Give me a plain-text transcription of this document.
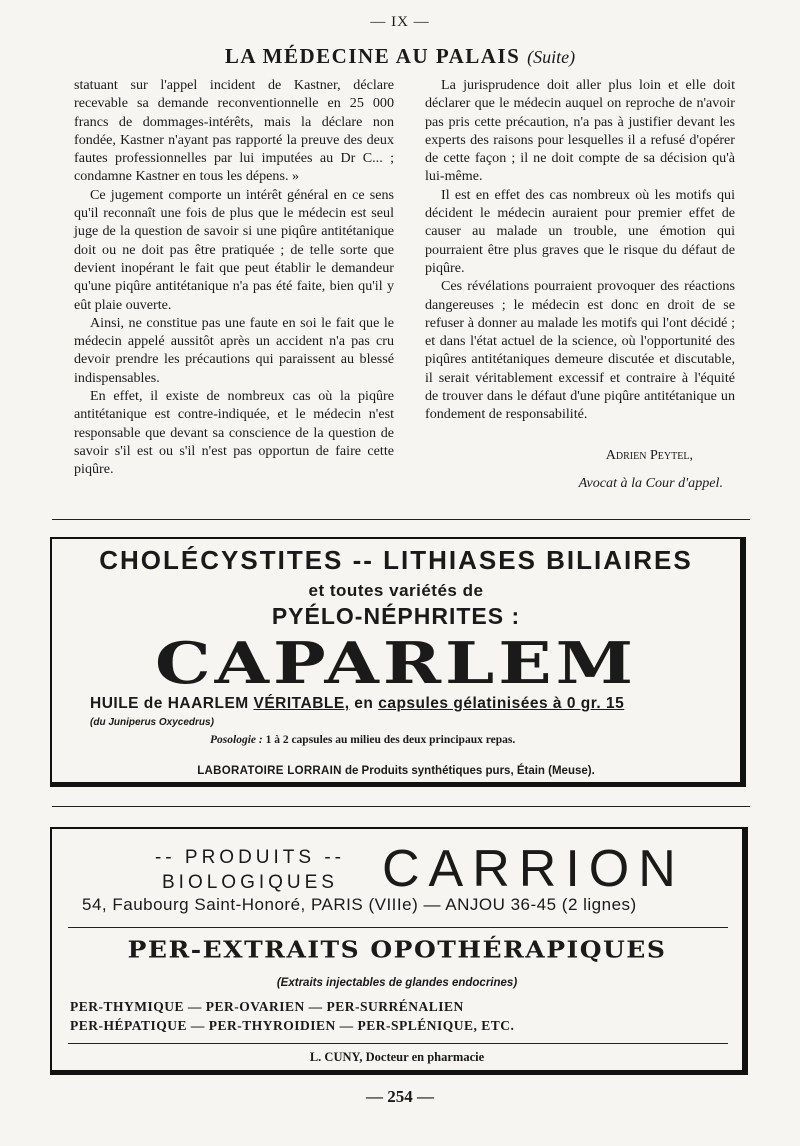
— IX —
LA MÉDECINE AU PALAIS (Suite)

statuant sur l'appel incident de Kastner, déclare recevable sa demande reconventionnelle en 25 000 francs de dommages-intérêts, mais la déclare non fondée, Kastner n'ayant pas rapporté la preuve des deux fautes professionnelles par lui imputées au Dr C... ; condamne Kastner en tous les dépens. »

Ce jugement comporte un intérêt général en ce sens qu'il reconnaît une fois de plus que le médecin est seul juge de la question de savoir si une piqûre antitétanique doit ou ne doit pas être pratiquée ; de telle sorte que devient inopérant le fait que peut établir le demandeur qu'une piqûre antitétanique n'a pas été faite, bien qu'il y eût plaie ouverte.

Ainsi, ne constitue pas une faute en soi le fait que le médecin appelé aussitôt après un accident n'a pas cru devoir prendre les précautions qui paraissent au blessé indispensables.

En effet, il existe de nombreux cas où la piqûre antitétanique est contre-indiquée, et le médecin n'est responsable que devant sa conscience de la question de savoir s'il est ou s'il n'est pas opportun de faire cette piqûre.

La jurisprudence doit aller plus loin et elle doit déclarer que le médecin auquel on reproche de n'avoir pas pris cette précaution, n'a pas à justifier devant les experts des raisons pour lesquelles il a refusé d'opérer de cette façon ; il ne doit compte de sa décision qu'à lui-même.

Il est en effet des cas nombreux où les motifs qui décident le médecin auraient pour premier effet de causer au malade un trouble, une émotion qui pourraient être plus graves que le risque du défaut de piqûre.

Ces révélations pourraient provoquer des réactions dangereuses ; le médecin est donc en droit de se refuser à donner au malade les motifs qui l'ont décidé ; et dans l'état actuel de la science, où l'opportunité des piqûres antitétaniques demeure discutée et discutable, il serait véritablement excessif et contraire à l'équité de trouver dans le défaut d'une piqûre antitétanique un fondement de responsabilité.

Adrien Peytel,

Avocat à la Cour d'appel.

CHOLÉCYSTITES -- LITHIASES BILIAIRES
et toutes variétés de
PYÉLO-NÉPHRITES :
CAPARLEM
HUILE de HAARLEM VÉRITABLE, en capsules gélatinisées à 0 gr. 15
(du Juniperus Oxycedrus)
Posologie : 1 à 2 capsules au milieu des deux principaux repas.
LABORATOIRE LORRAIN de Produits synthétiques purs, Étain (Meuse).
-- PRODUITS --
BIOLOGIQUES CARRION
54, Faubourg Saint-Honoré, PARIS (VIIIe) — ANJOU 36-45 (2 lignes)
PER-EXTRAITS OPOTHÉRAPIQUES
(Extraits injectables de glandes endocrines)
PER-THYMIQUE — PER-OVARIEN — PER-SURRÉNALIEN
PER-HÉPATIQUE — PER-THYROIDIEN — PER-SPLÉNIQUE, ETC.
L. CUNY, Docteur en pharmacie
— 254 —
